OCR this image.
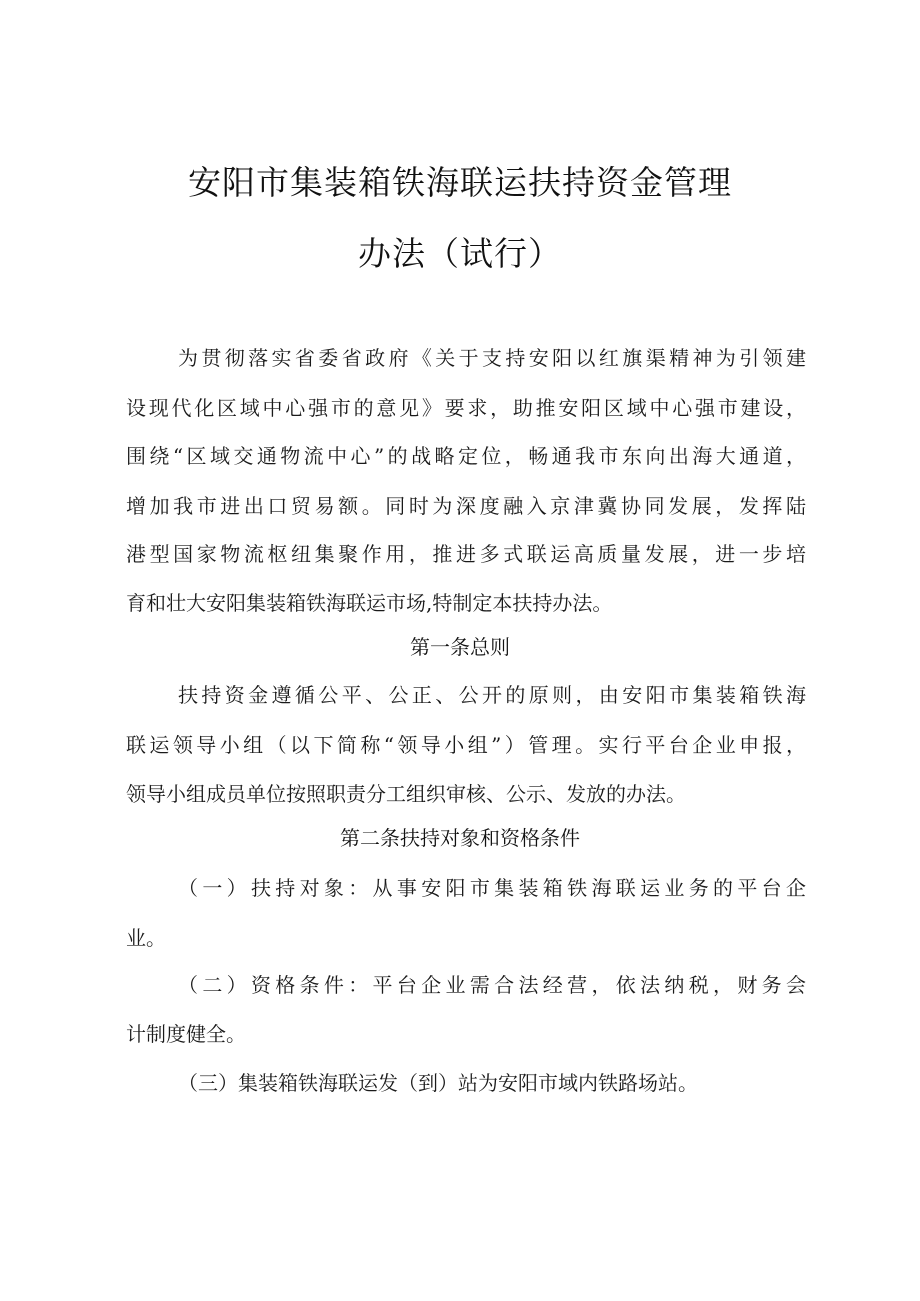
安阳市集装箱铁海联运扶持资金管理
办法（试行）
为贯彻落实省委省政府《关于支持安阳以红旗渠精神为引领建
设现代化区域中心强市的意见》要求，助推安阳区域中心强市建设，
围绕“区域交通物流中心”的战略定位，畅通我市东向出海大通道，
增加我市进出口贸易额。同时为深度融入京津冀协同发展，发挥陆
港型国家物流枢纽集聚作用，推进多式联运高质量发展，进一步培
育和壮大安阳集装箱铁海联运市场,特制定本扶持办法。
第一条总则
扶持资金遵循公平、公正、公开的原则，由安阳市集装箱铁海
联运领导小组（以下简称“领导小组”）管理。实行平台企业申报，
领导小组成员单位按照职责分工组织审核、公示、发放的办法。
第二条扶持对象和资格条件
（一）扶持对象：从事安阳市集装箱铁海联运业务的平台企
业。
（二）资格条件：平台企业需合法经营，依法纳税，财务会
计制度健全。
（三）集装箱铁海联运发（到）站为安阳市域内铁路场站。
